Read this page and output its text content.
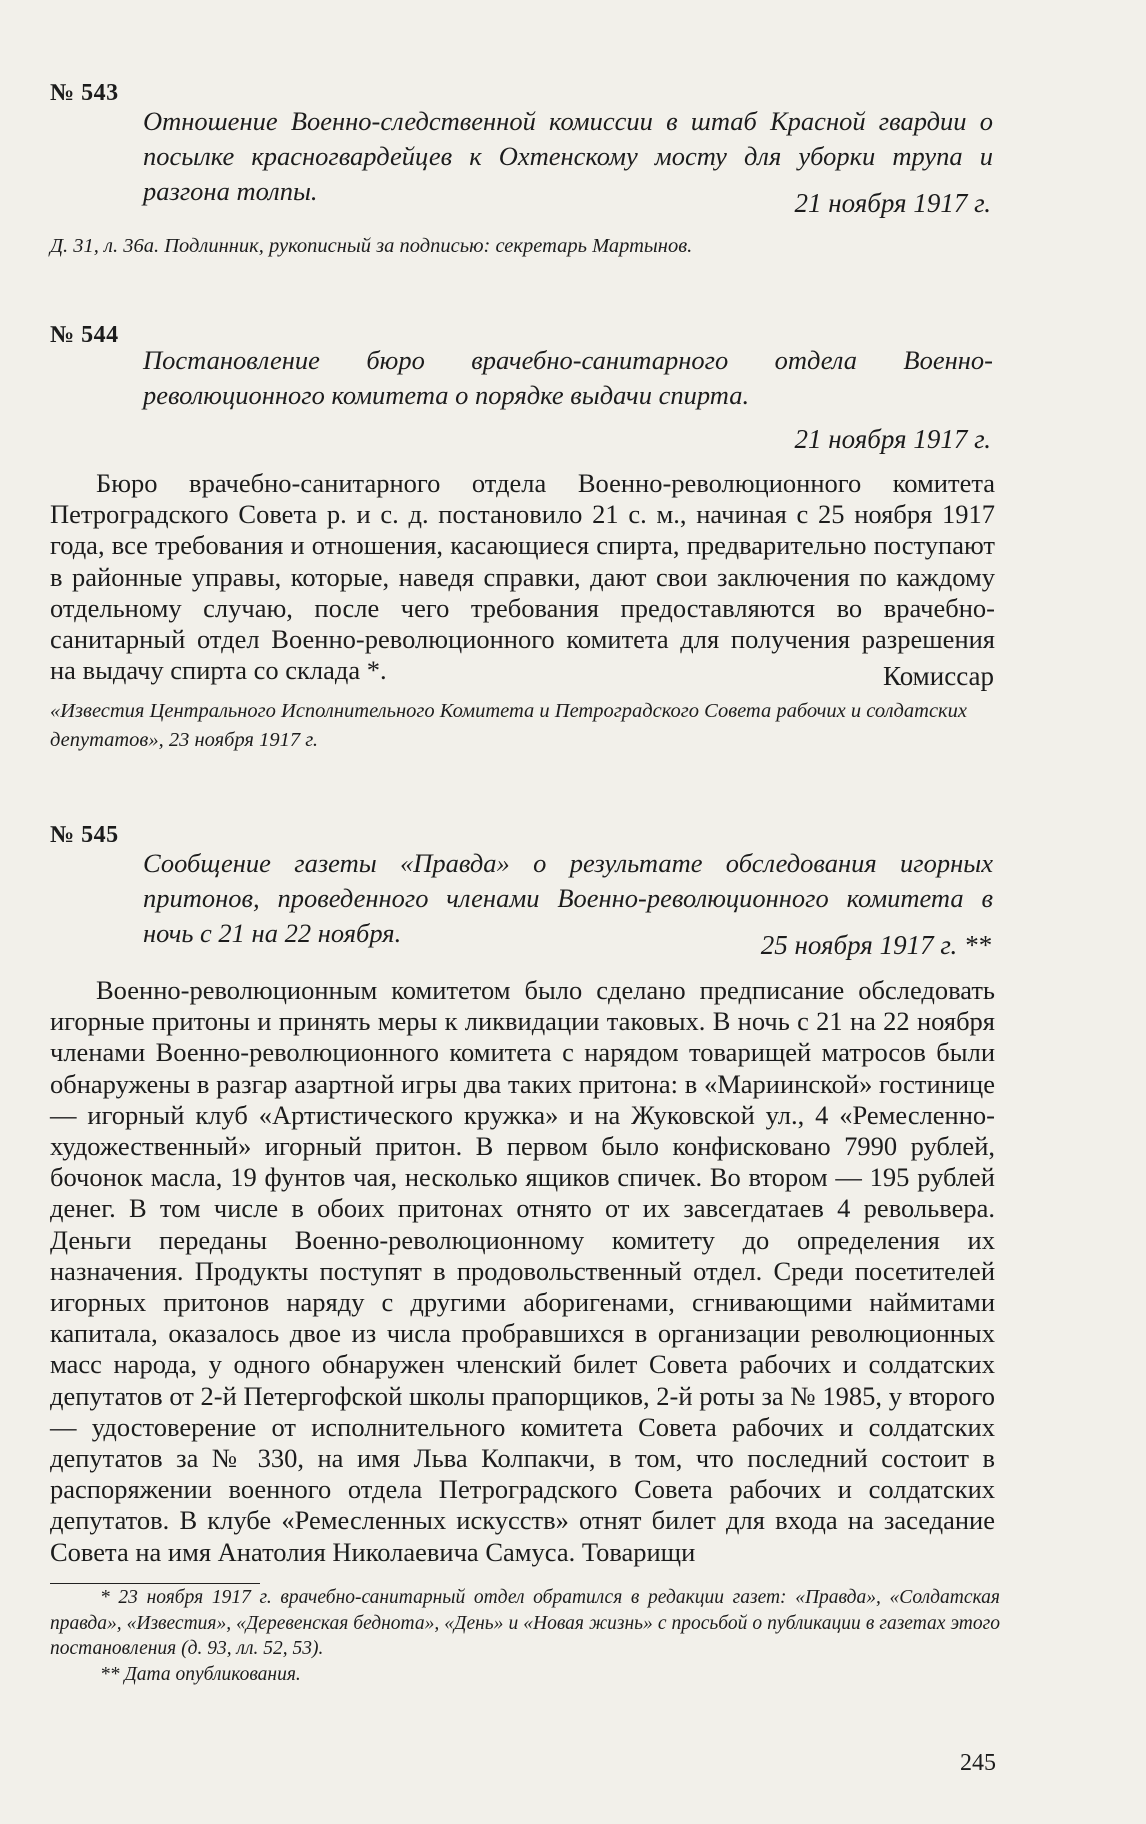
№ 543
Отношение Военно-следственной комиссии в штаб Красной гвардии о посылке красногвардейцев к Охтенскому мосту для уборки трупа и разгона толпы.	21 ноября 1917 г.
Д. 31, л. 36а. Подлинник, рукописный за подписью: секретарь Мартынов.
№ 544
Постановление бюро врачебно-санитарного отдела Военно-революционного комитета о порядке выдачи спирта.
21 ноября 1917 г.

Бюро врачебно-санитарного отдела Военно-революционного комитета Петроградского Совета р. и с. д. постановило 21 с. м., начиная с 25 ноября 1917 года, все требования и отношения, касающиеся спирта, предварительно поступают в районные управы, которые, наведя справки, дают свои заключения по каждому отдельному случаю, после чего требования предоставляются во врачебно-санитарный отдел Военно-революционного комитета для получения разрешения на выдачу спирта со склада *.	Комиссар
«Известия Центрального Исполнительного Комитета и Петроградского Совета рабочих и солдатских депутатов», 23 ноября 1917 г.
№ 545
Сообщение газеты «Правда» о результате обследования игорных притонов, проведенного членами Военно-революционного комитета в ночь с 21 на 22 ноября.	25 ноября 1917 г. **

Военно-революционным комитетом было сделано предписание обследовать игорные притоны и принять меры к ликвидации таковых. В ночь с 21 на 22 ноября членами Военно-революционного комитета с нарядом товарищей матросов были обнаружены в разгар азартной игры два таких притона: в «Мариинской» гостинице — игорный клуб «Артистического кружка» и на Жуковской ул., 4 «Ремесленно-художественный» игорный притон. В первом было конфисковано 7990 рублей, бочонок масла, 19 фунтов чая, несколько ящиков спичек. Во втором — 195 рублей денег. В том числе в обоих притонах отнято от их завсегдатаев 4 револьвера. Деньги переданы Военно-революционному комитету до определения их назначения. Продукты поступят в продовольственный отдел. Среди посетителей игорных притонов наряду с другими аборигенами, сгнивающими наймитами капитала, оказалось двое из числа пробравшихся в организации революционных масс народа, у одного обнаружен членский билет Совета рабочих и солдатских депутатов от 2-й Петергофской школы прапорщиков, 2-й роты за № 1985, у второго — удостоверение от исполнительного комитета Совета рабочих и солдатских депутатов за № 330, на имя Льва Колпакчи, в том, что последний состоит в распоряжении военного отдела Петроградского Совета рабочих и солдатских депутатов. В клубе «Ремесленных искусств» отнят билет для входа на заседание Совета на имя Анатолия Николаевича Самуса. Товарищи

* 23 ноября 1917 г. врачебно-санитарный отдел обратился в редакции газет: «Правда», «Солдатская правда», «Известия», «Деревенская беднота», «День» и «Новая жизнь» с просьбой о публикации в газетах этого постановления (д. 93, лл. 52, 53).

** Дата опубликования.

245
